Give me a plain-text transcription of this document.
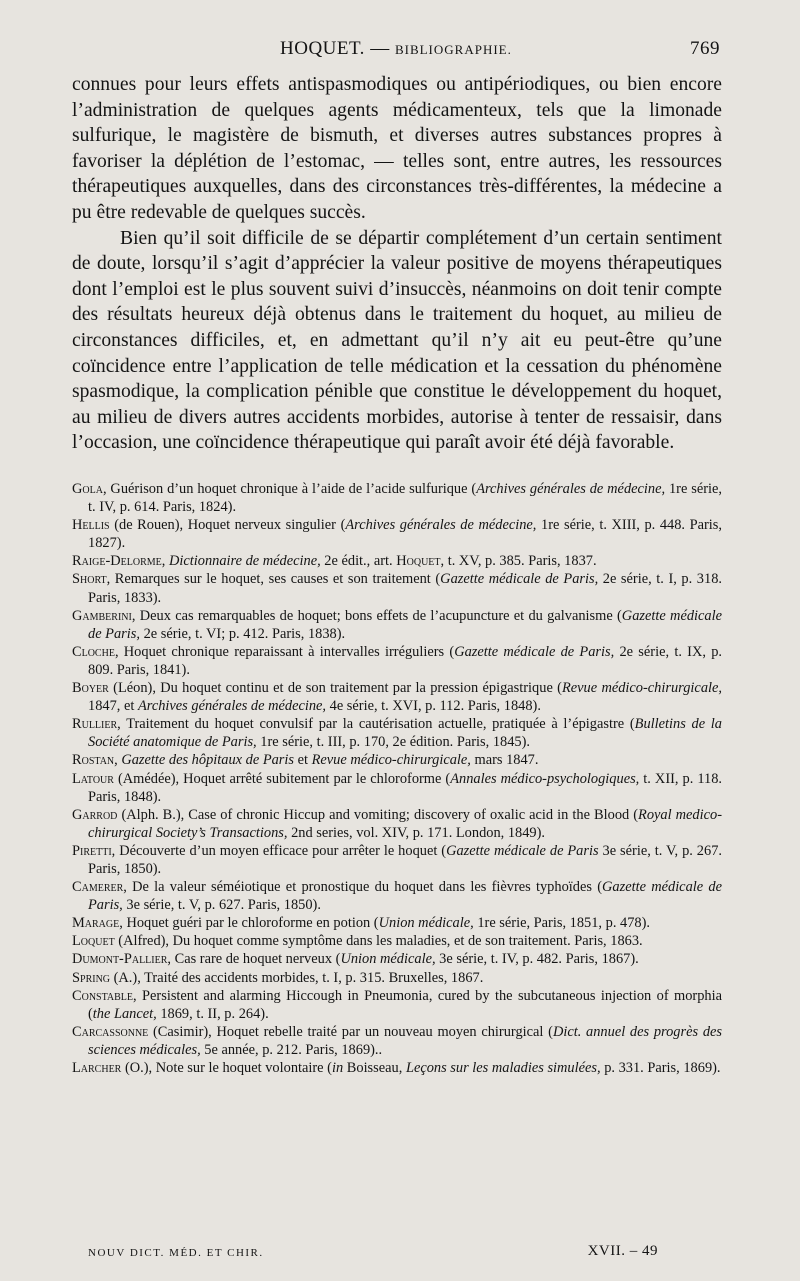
HOQUET. — BIBLIOGRAPHIE.	769

connues pour leurs effets antispasmodiques ou antipériodiques, ou bien encore l’administration de quelques agents médicamenteux, tels que la limonade sulfurique, le magistère de bismuth, et diverses autres substances propres à favoriser la déplétion de l’estomac, — telles sont, entre autres, les ressources thérapeutiques auxquelles, dans des circonstances très-différentes, la médecine a pu être redevable de quelques succès.

Bien qu’il soit difficile de se départir complétement d’un certain sentiment de doute, lorsqu’il s’agit d’apprécier la valeur positive de moyens thérapeutiques dont l’emploi est le plus souvent suivi d’insuccès, néanmoins on doit tenir compte des résultats heureux déjà obtenus dans le traitement du hoquet, au milieu de circonstances difficiles, et, en admettant qu’il n’y ait eu peut-être qu’une coïncidence entre l’application de telle médication et la cessation du phénomène spasmodique, la complication pénible que constitue le développement du hoquet, au milieu de divers autres accidents morbides, autorise à tenter de ressaisir, dans l’occasion, une coïncidence thérapeutique qui paraît avoir été déjà favorable.

Gola, Guérison d’un hoquet chronique à l’aide de l’acide sulfurique (Archives générales de médecine, 1re série, t. IV, p. 614. Paris, 1824).

Hellis (de Rouen), Hoquet nerveux singulier (Archives générales de médecine, 1re série, t. XIII, p. 448. Paris, 1827).

Raige-Delorme, Dictionnaire de médecine, 2e édit., art. Hoquet, t. XV, p. 385. Paris, 1837.

Short, Remarques sur le hoquet, ses causes et son traitement (Gazette médicale de Paris, 2e série, t. I, p. 318. Paris, 1833).

Gamberini, Deux cas remarquables de hoquet; bons effets de l’acupuncture et du galvanisme (Gazette médicale de Paris, 2e série, t. VI; p. 412. Paris, 1838).

Cloche, Hoquet chronique reparaissant à intervalles irréguliers (Gazette médicale de Paris, 2e série, t. IX, p. 809. Paris, 1841).

Boyer (Léon), Du hoquet continu et de son traitement par la pression épigastrique (Revue médico-chirurgicale, 1847, et Archives générales de médecine, 4e série, t. XVI, p. 112. Paris, 1848).

Rullier, Traitement du hoquet convulsif par la cautérisation actuelle, pratiquée à l’épigastre (Bulletins de la Société anatomique de Paris, 1re série, t. III, p. 170, 2e édition. Paris, 1845).

Rostan, Gazette des hôpitaux de Paris et Revue médico-chirurgicale, mars 1847.

Latour (Amédée), Hoquet arrêté subitement par le chloroforme (Annales médico-psychologiques, t. XII, p. 118. Paris, 1848).

Garrod (Alph. B.), Case of chronic Hiccup and vomiting; discovery of oxalic acid in the Blood (Royal medico-chirurgical Society’s Transactions, 2nd series, vol. XIV, p. 171. London, 1849).

Piretti, Découverte d’un moyen efficace pour arrêter le hoquet (Gazette médicale de Paris 3e série, t. V, p. 267. Paris, 1850).

Camerer, De la valeur séméiotique et pronostique du hoquet dans les fièvres typhoïdes (Gazette médicale de Paris, 3e série, t. V, p. 627. Paris, 1850).

Marage, Hoquet guéri par le chloroforme en potion (Union médicale, 1re série, Paris, 1851, p. 478).

Loquet (Alfred), Du hoquet comme symptôme dans les maladies, et de son traitement. Paris, 1863.

Dumont-Pallier, Cas rare de hoquet nerveux (Union médicale, 3e série, t. IV, p. 482. Paris, 1867).

Spring (A.), Traité des accidents morbides, t. I, p. 315. Bruxelles, 1867.

Constable, Persistent and alarming Hiccough in Pneumonia, cured by the subcutaneous injection of morphia (the Lancet, 1869, t. II, p. 264).

Carcassonne (Casimir), Hoquet rebelle traité par un nouveau moyen chirurgical (Dict. annuel des progrès des sciences médicales, 5e année, p. 212. Paris, 1869)..

Larcher (O.), Note sur le hoquet volontaire (in Boisseau, Leçons sur les maladies simulées, p. 331. Paris, 1869).

NOUV DICT. MÉD. ET CHIR.	XVII. – 49
